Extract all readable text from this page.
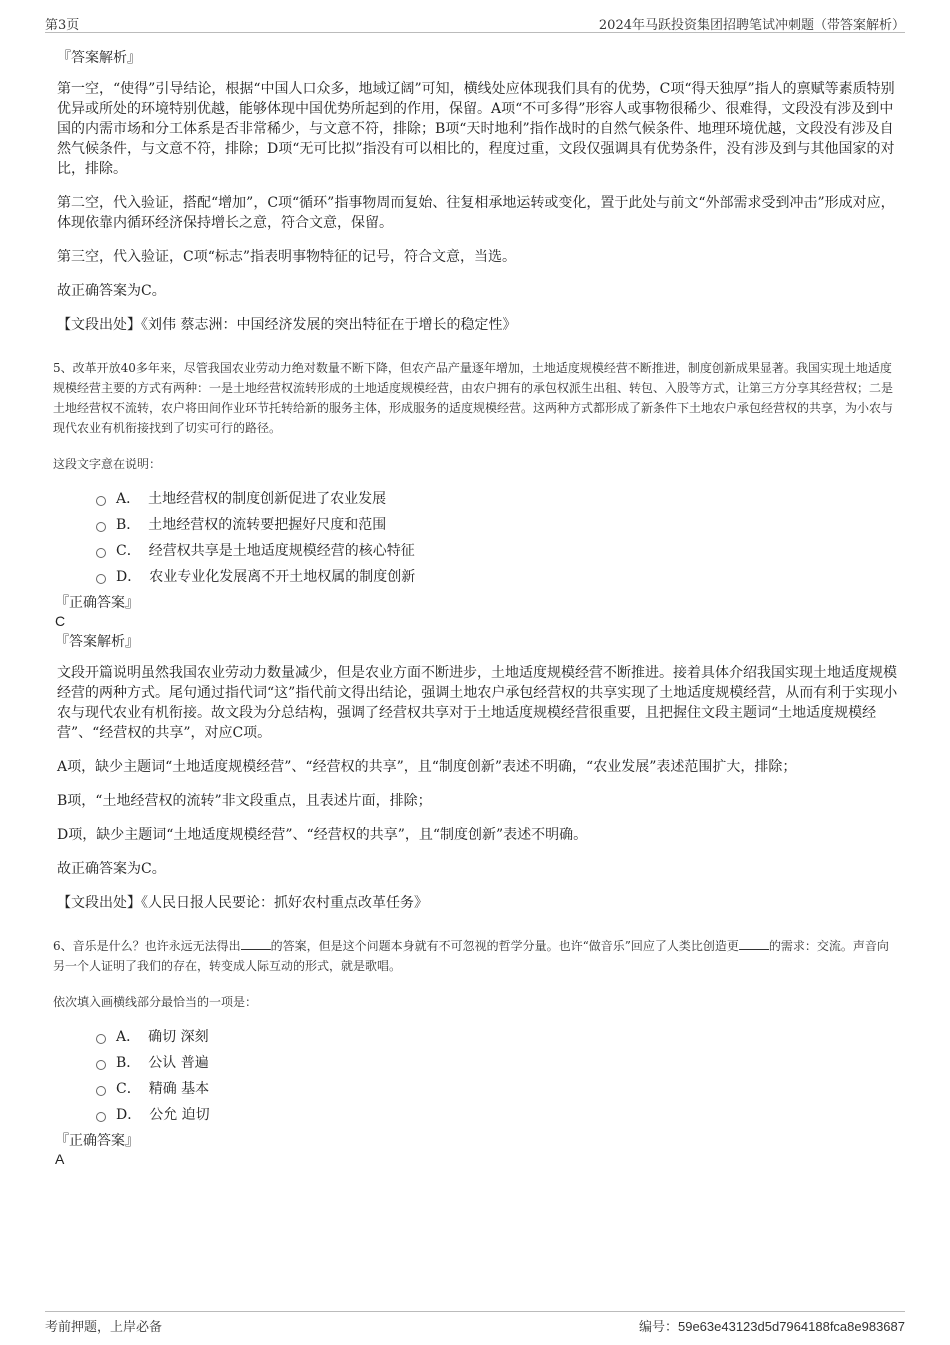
第3页	2024年马跃投资集团招聘笔试冲刺题（带答案解析）
『答案解析』

第一空，“使得”引导结论，根据“中国人口众多，地域辽阔”可知，横线处应体现我们具有的优势，C项“得天独厚”指人的禀赋等素质特别优异或所处的环境特别优越，能够体现中国优势所起到的作用，保留。A项“不可多得”形容人或事物很稀少、很难得，文段没有涉及到中国的内需市场和分工体系是否非常稀少，与文意不符，排除；B项“天时地利”指作战时的自然气候条件、地理环境优越，文段没有涉及自然气候条件，与文意不符，排除；D项“无可比拟”指没有可以相比的，程度过重，文段仅强调具有优势条件，没有涉及到与其他国家的对比，排除。

第二空，代入验证，搭配“增加”，C项“循环”指事物周而复始、往复相承地运转或变化，置于此处与前文“外部需求受到冲击”形成对应，体现依靠内循环经济保持增长之意，符合文意，保留。

第三空，代入验证，C项“标志”指表明事物特征的记号，符合文意，当选。

故正确答案为C。

【文段出处】《刘伟 蔡志洲：中国经济发展的突出特征在于增长的稳定性》

5、改革开放40多年来，尽管我国农业劳动力绝对数量不断下降，但农产品产量逐年增加，土地适度规模经营不断推进，制度创新成果显著。我国实现土地适度规模经营主要的方式有两种：一是土地经营权流转形成的土地适度规模经营，由农户拥有的承包权派生出租、转包、入股等方式，让第三方分享其经营权；二是土地经营权不流转，农户将田间作业环节托转给新的服务主体，形成服务的适度规模经营。这两种方式都形成了新条件下土地农户承包经营权的共享，为小农与现代农业有机衔接找到了切实可行的路径。

这段文字意在说明：

A． 土地经营权的制度创新促进了农业发展
B． 土地经营权的流转要把握好尺度和范围
C． 经营权共享是土地适度规模经营的核心特征
D． 农业专业化发展离不开土地权属的制度创新
『正确答案』
C
『答案解析』

文段开篇说明虽然我国农业劳动力数量减少，但是农业方面不断进步，土地适度规模经营不断推进。接着具体介绍我国实现土地适度规模经营的两种方式。尾句通过指代词“这”指代前文得出结论，强调土地农户承包经营权的共享实现了土地适度规模经营，从而有利于实现小农与现代农业有机衔接。故文段为分总结构，强调了经营权共享对于土地适度规模经营很重要，且把握住文段主题词“土地适度规模经营”、“经营权的共享”，对应C项。

A项，缺少主题词“土地适度规模经营”、“经营权的共享”，且“制度创新”表述不明确，“农业发展”表述范围扩大，排除；

B项，“土地经营权的流转”非文段重点，且表述片面，排除；

D项，缺少主题词“土地适度规模经营”、“经营权的共享”，且“制度创新”表述不明确。

故正确答案为C。

【文段出处】《人民日报人民要论：抓好农村重点改革任务》

6、音乐是什么？也许永远无法得出	的答案，但是这个问题本身就有不可忽视的哲学分量。也许“做音乐”回应了人类比创造更	的需求：交流。声音向另一个人证明了我们的存在，转变成人际互动的形式，就是歌唱。

依次填入画横线部分最恰当的一项是：

A． 确切 深刻
B． 公认 普遍
C． 精确 基本
D． 公允 迫切
『正确答案』
A
考前押题，上岸必备	编号：59e63e43123d5d7964188fca8e983687
